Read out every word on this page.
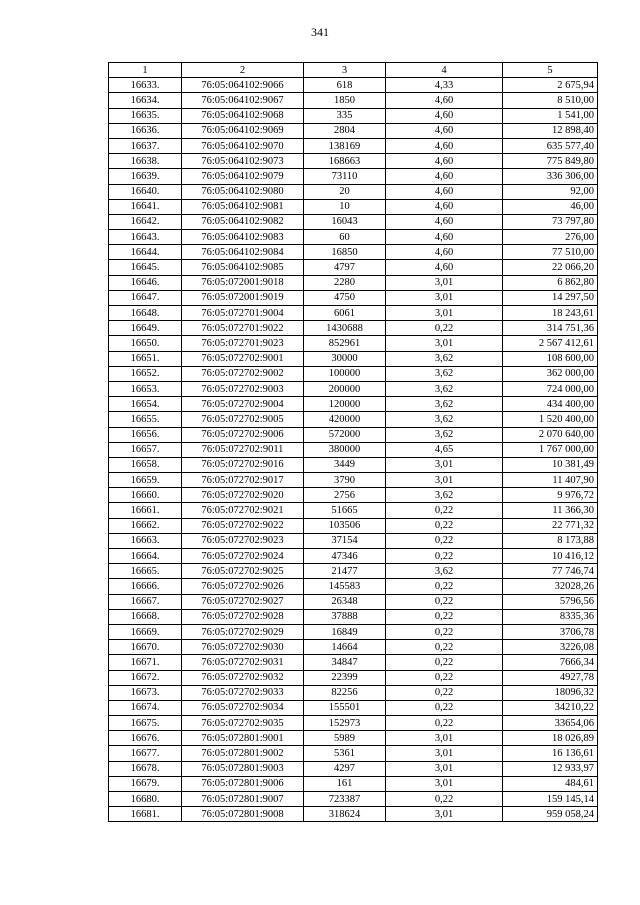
341
1	2	3	4	5
16633.	76:05:064102:9066	618	4,33	2 675,94
16634.	76:05:064102:9067	1850	4,60	8 510,00
16635.	76:05:064102:9068	335	4,60	1 541,00
16636.	76:05:064102:9069	2804	4,60	12 898,40
16637.	76:05:064102:9070	138169	4,60	635 577,40
16638.	76:05:064102:9073	168663	4,60	775 849,80
16639.	76:05:064102:9079	73110	4,60	336 306,00
16640.	76:05:064102:9080	20	4,60	92,00
16641.	76:05:064102:9081	10	4,60	46,00
16642.	76:05:064102:9082	16043	4,60	73 797,80
16643.	76:05:064102:9083	60	4,60	276,00
16644.	76:05:064102:9084	16850	4,60	77 510,00
16645.	76:05:064102:9085	4797	4,60	22 066,20
16646.	76:05:072001:9018	2280	3,01	6 862,80
16647.	76:05:072001:9019	4750	3,01	14 297,50
16648.	76:05:072701:9004	6061	3,01	18 243,61
16649.	76:05:072701:9022	1430688	0,22	314 751,36
16650.	76:05:072701:9023	852961	3,01	2 567 412,61
16651.	76:05:072702:9001	30000	3,62	108 600,00
16652.	76:05:072702:9002	100000	3,62	362 000,00
16653.	76:05:072702:9003	200000	3,62	724 000,00
16654.	76:05:072702:9004	120000	3,62	434 400,00
16655.	76:05:072702:9005	420000	3,62	1 520 400,00
16656.	76:05:072702:9006	572000	3,62	2 070 640,00
16657.	76:05:072702:9011	380000	4,65	1 767 000,00
16658.	76:05:072702:9016	3449	3,01	10 381,49
16659.	76:05:072702:9017	3790	3,01	11 407,90
16660.	76:05:072702:9020	2756	3,62	9 976,72
16661.	76:05:072702:9021	51665	0,22	11 366,30
16662.	76:05:072702:9022	103506	0,22	22 771,32
16663.	76:05:072702:9023	37154	0,22	8 173,88
16664.	76:05:072702:9024	47346	0,22	10 416,12
16665.	76:05:072702:9025	21477	3,62	77 746,74
16666.	76:05:072702:9026	145583	0,22	32028,26
16667.	76:05:072702:9027	26348	0,22	5796,56
16668.	76:05:072702:9028	37888	0,22	8335,36
16669.	76:05:072702:9029	16849	0,22	3706,78
16670.	76:05:072702:9030	14664	0,22	3226,08
16671.	76:05:072702:9031	34847	0,22	7666,34
16672.	76:05:072702:9032	22399	0,22	4927,78
16673.	76:05:072702:9033	82256	0,22	18096,32
16674.	76:05:072702:9034	155501	0,22	34210,22
16675.	76:05:072702:9035	152973	0,22	33654,06
16676.	76:05:072801:9001	5989	3,01	18 026,89
16677.	76:05:072801:9002	5361	3,01	16 136,61
16678.	76:05:072801:9003	4297	3,01	12 933,97
16679.	76:05:072801:9006	161	3,01	484,61
16680.	76:05:072801:9007	723387	0,22	159 145,14
16681.	76:05:072801:9008	318624	3,01	959 058,24
